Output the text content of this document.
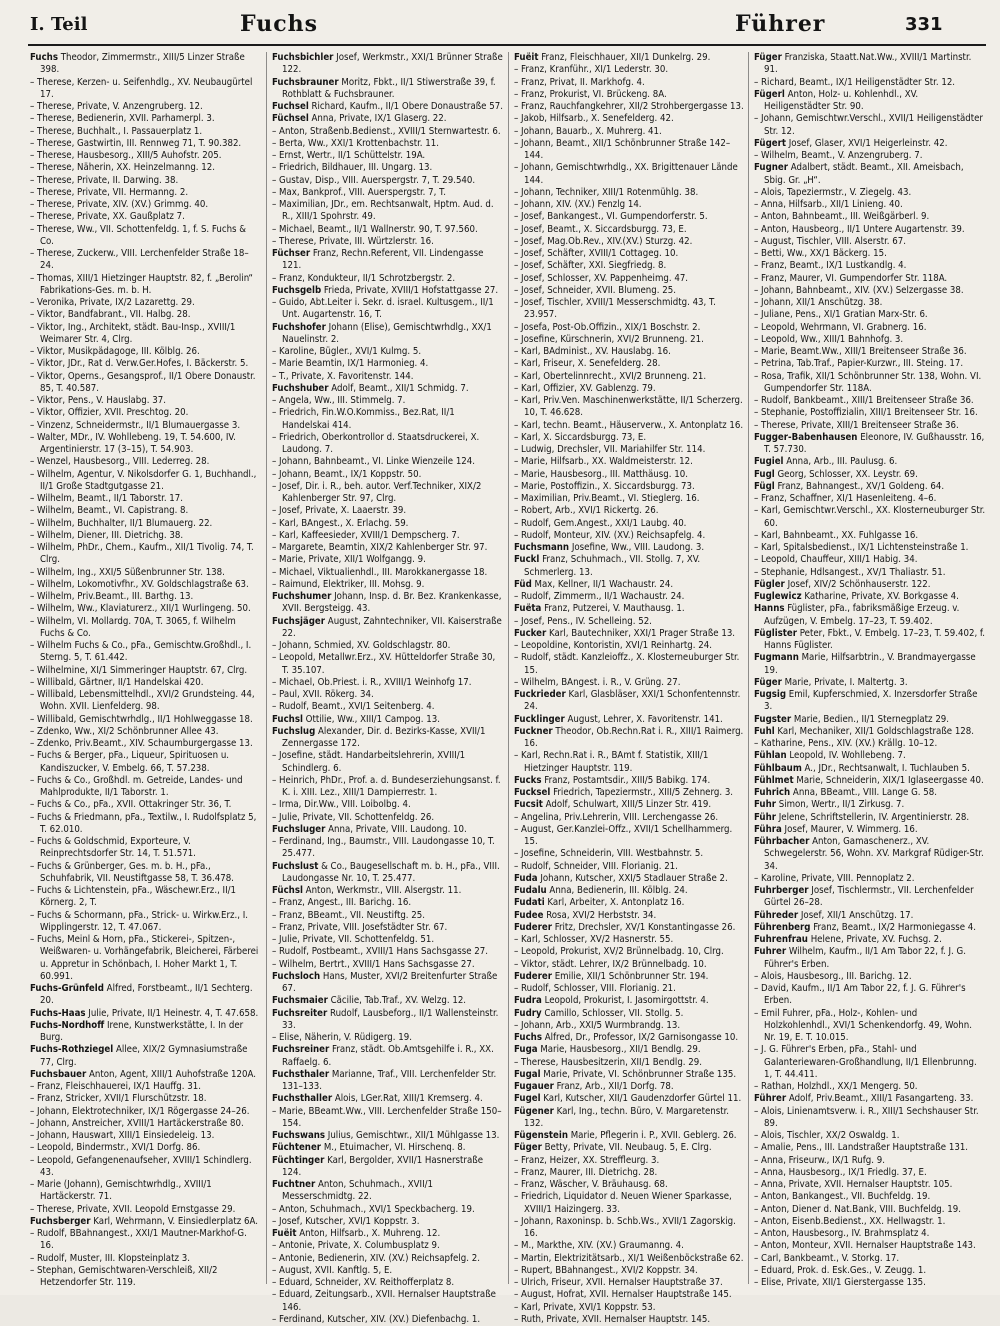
I. Teil	Fuchs	Führer	331

Fuchs Theodor, Zimmermstr., XIII/5 Linzer Straße 398.

– Therese, Kerzen- u. Seifenhdlg., XV. Neubaugürtel 17.

– Therese, Private, V. Anzengruberg. 12.

– Therese, Bedienerin, XVII. Parhamerpl. 3.

– Therese, Buchhalt., I. Passauerplatz 1.

– Therese, Gastwirtin, III. Rennweg 71, T. 90.382.

– Therese, Hausbesorg., XIII/5 Auhofstr. 205.

– Therese, Näherin, XX. Heinzelmanng. 12.

– Therese, Private, II. Darwing. 38.

– Therese, Private, VII. Hermanng. 2.

– Therese, Private, XIV. (XV.) Grimmg. 40.

– Therese, Private, XX. Gaußplatz 7.

– Therese, Ww., VII. Schottenfeldg. 1, f. S. Fuchs & Co.

– Therese, Zuckerw., VIII. Lerchenfelder Straße 18–24.

– Thomas, XIII/1 Hietzinger Hauptstr. 82, f. „Berolin“ Fabrikations-Ges. m. b. H.

– Veronika, Private, IX/2 Lazarettg. 29.

– Viktor, Bandfabrant., VII. Halbg. 28.

– Viktor, Ing., Architekt, städt. Bau-Insp., XVIII/1 Weimarer Str. 4, Clrg.

– Viktor, Musikpädagoge, III. Kölblg. 26.

– Viktor, JDr., Rat d. Verw.Ger.Hofes, I. Bäckerstr. 5.

– Viktor, Operns., Gesangsprof., II/1 Obere Donaustr. 85, T. 40.587.

– Viktor, Pens., V. Hauslabg. 37.

– Viktor, Offizier, XVII. Preschtog. 20.

– Vinzenz, Schneidermstr., II/1 Blumauergasse 3.

– Walter, MDr., IV. Wohllebeng. 19, T. 54.600, IV. Argentinierstr. 17 (3–15), T. 54.903.

– Wenzel, Hausbesorg., VIII. Lederreg. 28.

– Wilhelm, Agentur, V. Nikolsdorfer G. 1, Buchhandl., II/1 Große Stadtgutgasse 21.

– Wilhelm, Beamt., II/1 Taborstr. 17.

– Wilhelm, Beamt., VI. Capistrang. 8.

– Wilhelm, Buchhalter, II/1 Blumauerg. 22.

– Wilhelm, Diener, III. Dietrichg. 38.

– Wilhelm, PhDr., Chem., Kaufm., XII/1 Tivolig. 74, T. Clrg.

– Wilhelm, Ing., XXI/5 Süßenbrunner Str. 138.

– Wilhelm, Lokomotivfhr., XV. Goldschlagstraße 63.

– Wilhelm, Priv.Beamt., III. Barthg. 13.

– Wilhelm, Ww., Klaviaturerz., XII/1 Wurlingeng. 50.

– Wilhelm, VI. Mollardg. 70A, T. 3065, f. Wilhelm Fuchs & Co.

– Wilhelm Fuchs & Co., pFa., Gemischtw.Großhdl., I. Sterng. 5, T. 61.442.

– Wilhelmine, XI/1 Simmeringer Hauptstr. 67, Clrg.

– Willibald, Gärtner, II/1 Handelskai 420.

– Willibald, Lebensmittelhdl., XVI/2 Grundsteing. 44, Wohn. XVII. Lienfelderg. 98.

– Willibald, Gemischtwrhdlg., II/1 Hohlweggasse 18.

– Zdenko, Ww., XI/2 Schönbrunner Allee 43.

– Zdenko, Priv.Beamt., XIV. Schaumburgergasse 13.

– Fuchs & Berger, pFa., Liqueur, Spirituosen u. Kandiszucker, V. Embelg. 66, T. 57.238.

– Fuchs & Co., Großhdl. m. Getreide, Landes- und Mahlprodukte, II/1 Taborstr. 1.

– Fuchs & Co., pFa., XVII. Ottakringer Str. 36, T.

– Fuchs & Friedmann, pFa., Textilw., I. Rudolfsplatz 5, T. 62.010.

– Fuchs & Goldschmid, Exporteure, V. Reinprechtsdorfer Str. 14, T. 51.571.

– Fuchs & Grünberger, Ges. m. b. H., pFa., Schuhfabrik, VII. Neustiftgasse 58, T. 36.478.

– Fuchs & Lichtenstein, pFa., Wäschewr.Erz., II/1 Körnerg. 2, T.

– Fuchs & Schormann, pFa., Strick- u. Wirkw.Erz., I. Wipplingerstr. 12, T. 47.067.

– Fuchs, Meinl & Horn, pFa., Stickerei-, Spitzen-, Weißwaren- u. Vorhängefabrik, Bleicherei, Färberei u. Appretur in Schönbach, I. Hoher Markt 1, T. 60.991.

Fuchs-Grünfeld Alfred, Forstbeamt., II/1 Sechterg. 20.

Fuchs-Haas Julie, Private, II/1 Heinestr. 4, T. 47.658.

Fuchs-Nordhoff Irene, Kunstwerkstätte, I. In der Burg.

Fuchs-Rothziegel Allee, XIX/2 Gymnasiumstraße 77, Clrg.

Fuchsbauer Anton, Agent, XIII/1 Auhofstraße 120A.

– Franz, Fleischhauerei, IX/1 Hauffg. 31.

– Franz, Stricker, XVII/1 Flurschützstr. 18.

– Johann, Elektrotechniker, IX/1 Rögergasse 24–26.

– Johann, Anstreicher, XVIII/1 Hartäckerstraße 80.

– Johann, Hauswart, XIII/1 Einsiedeleig. 13.

– Leopold, Bindermstr., XVI/1 Dorfg. 86.

– Leopold, Gefangenenaufseher, XVIII/1 Schindlerg. 43.

– Marie (Johann), Gemischtwrhdlg., XVIII/1 Hartäckerstr. 71.

– Therese, Private, XVII. Leopold Ernstgasse 29.

Fuchsberger Karl, Wehrmann, V. Einsiedlerplatz 6A.

– Rudolf, BBahnangest., XXI/1 Mautner-Markhof-G. 16.

– Rudolf, Muster, III. Klopsteinplatz 3.

– Stephan, Gemischtwaren-Verschleiß, XII/2 Hetzendorfer Str. 119.

Fuchsbichler Josef, Werkmstr., XXI/1 Brünner Straße 122.

Fuchsbrauner Moritz, Fbkt., II/1 Stiwerstraße 39, f. Rothblatt & Fuchsbrauner.

Fuchsel Richard, Kaufm., II/1 Obere Donaustraße 57.

Füchsel Anna, Private, IX/1 Glaserg. 22.

– Anton, Straßenb.Bedienst., XVIII/1 Sternwartestr. 6.

– Berta, Ww., XXI/1 Krottenbachstr. 11.

– Ernst, Wertr., II/1 Schüttelstr. 19A.

– Friedrich, Bildhauer, III. Ungarg. 13.

– Gustav, Disp., VIII. Auerspergstr. 7, T. 29.540.

– Max, Bankprof., VIII. Auerspergstr. 7, T.

– Maximilian, JDr., em. Rechtsanwalt, Hptm. Aud. d. R., XIII/1 Spohrstr. 49.

– Michael, Beamt., II/1 Wallnerstr. 90, T. 97.560.

– Therese, Private, III. Würtzlerstr. 16.

Füchser Franz, Rechn.Referent, VII. Lindengasse 121.

– Franz, Kondukteur, II/1 Schrotzbergstr. 2.

Fuchsgelb Frieda, Private, XVIII/1 Hofstattgasse 27.

– Guido, Abt.Leiter i. Sekr. d. israel. Kultusgem., II/1 Unt. Augartenstr. 16, T.

Fuchshofer Johann (Elise), Gemischtwrhdlg., XX/1 Nauelinstr. 2.

– Karoline, Bügler., XVI/1 Kulmg. 5.

– Marie Beamtin, IX/1 Harmonieg. 4.

– T., Private, X. Favoritenstr. 144.

Fuchshuber Adolf, Beamt., XII/1 Schmidg. 7.

– Angela, Ww., III. Stimmelg. 7.

– Friedrich, Fin.W.O.Kommiss., Bez.Rat, II/1 Handelskai 414.

– Friedrich, Oberkontrollor d. Staatsdruckerei, X. Laudong. 7.

– Johann, Bahnbeamt., VI. Linke Wienzeile 124.

– Johann, Beamt., IX/1 Koppstr. 50.

– Josef, Dir. i. R., beh. autor. Verf.Techniker, XIX/2 Kahlenberger Str. 97, Clrg.

– Josef, Private, X. Laaerstr. 39.

– Karl, BAngest., X. Erlachg. 59.

– Karl, Kaffeesieder, XVIII/1 Dempscherg. 7.

– Margarete, Beamtin, XIX/2 Kahlenberger Str. 97.

– Marie, Private, XII/1 Wolfgangg. 9.

– Michael, Viktualienhdl., III. Marokkanergasse 18.

– Raimund, Elektriker, III. Mohsg. 9.

Fuchshumer Johann, Insp. d. Br. Bez. Krankenkasse, XVII. Bergsteigg. 43.

Fuchsjäger August, Zahntechniker, VII. Kaiserstraße 22.

– Johann, Schmied, XV. Goldschlagstr. 80.

– Leopold, Metallwr.Erz., XV. Hütteldorfer Straße 30, T. 35.107.

– Michael, Ob.Priest. i. R., XVIII/1 Weinhofg 17.

– Paul, XVII. Rökerg. 34.

– Rudolf, Beamt., XVI/1 Seitenberg. 4.

Fuchsl Ottilie, Ww., XIII/1 Campog. 13.

Fuchslug Alexander, Dir. d. Bezirks-Kasse, XVII/1 Zennergasse 172.

– Josefine, städt. Handarbeitslehrerin, XVIII/1 Schindlerg. 6.

– Heinrich, PhDr., Prof. a. d. Bundeserziehungsanst. f. K. i. XIII. Lez., XIII/1 Dampierrestr. 1.

– Irma, Dir.Ww., VIII. Loibolbg. 4.

– Julie, Private, VII. Schottenfeldg. 26.

Fuchsluger Anna, Private, VIII. Laudong. 10.

– Ferdinand, Ing., Baumstr., VIII. Laudongasse 10, T. 25.477.

Fuchslust & Co., Baugesellschaft m. b. H., pFa., VIII. Laudongasse Nr. 10, T. 25.477.

Füchsl Anton, Werkmstr., VIII. Alsergstr. 11.

– Franz, Angest., III. Barichg. 16.

– Franz, BBeamt., VII. Neustiftg. 25.

– Franz, Private, VIII. Josefstädter Str. 67.

– Julie, Private, VII. Schottenfeldg. 51.

– Rudolf, Postbeamt., XVIII/1 Hans Sachsgasse 27.

– Wilhelm, Bertrt., XVIII/1 Hans Sachsgasse 27.

Fuchsloch Hans, Muster, XVI/2 Breitenfurter Straße 67.

Fuchsmaier Cäcilie, Tab.Traf., XV. Welzg. 12.

Fuchsreiter Rudolf, Lausbeforg., II/1 Wallensteinstr. 33.

– Elise, Näherin, V. Rüdigerg. 19.

Fuchsreiner Franz, städt. Ob.Amtsgehilfe i. R., XX. Raffaelg. 6.

Fuchsthaler Marianne, Traf., VIII. Lerchenfelder Str. 131–133.

Fuchsthaller Alois, LGer.Rat, XIII/1 Kremserg. 4.

– Marie, BBeamt.Ww., VIII. Lerchenfelder Straße 150–154.

Fuchswans Julius, Gemischtwr., XII/1 Mühlgasse 13.

Füchtener M., Etuimacher, VI. Hirschenq. 8.

Füchtinger Karl, Bergolder, XVII/1 Hasnerstraße 124.

Fuchtner Anton, Schuhmach., XVII/1 Messerschmidtg. 22.

– Anton, Schuhmach., XVI/1 Speckbacherg. 19.

– Josef, Kutscher, XVI/1 Koppstr. 3.

Fuëit Anton, Hilfsarb., X. Muhreng. 12.

– Antonie, Private, X. Columbusplatz 9.

– Antonie, Bedienerin, XIV. (XV.) Reichsapfelg. 2.

– August, XVII. Kanftlg. 5, E.

– Eduard, Schneider, XV. Reithofferplatz 8.

– Eduard, Zeitungsarb., XVII. Hernalser Hauptstraße 146.

– Ferdinand, Kutscher, XIV. (XV.) Diefenbachg. 1.

Fuëit Franz, Fleischhauer, XII/1 Dunkelrg. 29.

– Franz, Kranführ., XI/1 Lederstr. 30.

– Franz, Privat, II. Markhofg. 4.

– Franz, Prokurist, VI. Brückeng. 8A.

– Franz, Rauchfangkehrer, XII/2 Strohbergergasse 13.

– Jakob, Hilfsarb., X. Senefelderg. 42.

– Johann, Bauarb., X. Muhrerg. 41.

– Johann, Beamt., XII/1 Schönbrunner Straße 142–144.

– Johann, Gemischtwrhdlg., XX. Brigittenauer Lände 144.

– Johann, Techniker, XIII/1 Rotenmühlg. 38.

– Johann, XIV. (XV.) Fenzlg 14.

– Josef, Bankangest., VI. Gumpendorferstr. 5.

– Josef, Beamt., X. Siccardsburgg. 73, E.

– Josef, Mag.Ob.Rev., XIV.(XV.) Sturzg. 42.

– Josef, Schäfter, XVIII/1 Cottageg. 10.

– Josef, Schäfter, XXI. Siegfriedg. 8.

– Josef, Schlosser, XV. Pappenheimg. 47.

– Josef, Schneider, XVII. Blumeng. 25.

– Josef, Tischler, XVIII/1 Messerschmidtg. 43, T. 23.957.

– Josefa, Post-Ob.Offizin., XIX/1 Boschstr. 2.

– Josefine, Kürschnerin, XVI/2 Brunneng. 21.

– Karl, BAdminist., XV. Hauslabg. 16.

– Karl, Friseur, X. Senefelderg. 28.

– Karl, Obertelinnrecht., XVI/2 Brunneng. 21.

– Karl, Offizier, XV. Gablenzg. 79.

– Karl, Priv.Ven. Maschinenwerkstätte, II/1 Scherzerg. 10, T. 46.628.

– Karl, techn. Beamt., Häuserverw., X. Antonplatz 16.

– Karl, X. Siccardsburgg. 73, E.

– Ludwig, Drechsler, VII. Mariahilfer Str. 114.

– Marie, Hilfsarb., XX. Waldmeisterstr. 12.

– Marie, Hausbesorg., III. Matthäusg. 10.

– Marie, Postoffizin., X. Siccardsburgg. 73.

– Maximilian, Priv.Beamt., VI. Stieglerg. 16.

– Robert, Arb., XVI/1 Rickertg. 26.

– Rudolf, Gem.Angest., XXI/1 Laubg. 40.

– Rudolf, Monteur, XIV. (XV.) Reichsapfelg. 4.

Fuchsmann Josefine, Ww., VIII. Laudong. 3.

Fuckl Franz, Schuhmach., VII. Stollg. 7, XV. Schmerlerg. 13.

Füd Max, Kellner, II/1 Wachaustr. 24.

– Rudolf, Zimmerm., II/1 Wachaustr. 24.

Fuëta Franz, Putzerei, V. Mauthausg. 1.

– Josef, Pens., IV. Schelleing. 52.

Fucker Karl, Bautechniker, XXI/1 Prager Straße 13.

– Leopoldine, Kontoristin, XVI/1 Reinhartg. 24.

– Rudolf, städt. Kanzleioffz., X. Klosterneuburger Str. 15.

– Wilhelm, BAngest. i. R., V. Grüng. 27.

Fuckrieder Karl, Glasbläser, XXI/1 Schonfentennstr. 24.

Fucklinger August, Lehrer, X. Favoritenstr. 141.

Fuckner Theodor, Ob.Rechn.Rat i. R., XIII/1 Raimerg. 16.

– Karl, Rechn.Rat i. R., BAmt f. Statistik, XIII/1 Hietzinger Hauptstr. 119.

Fucks Franz, Postamtsdir., XIII/5 Babikg. 174.

Fucksel Friedrich, Tapeziermstr., XIII/5 Zehnerg. 3.

Fucsit Adolf, Schulwart, XIII/5 Linzer Str. 419.

– Angelina, Priv.Lehrerin, VIII. Lerchengasse 26.

– August, Ger.Kanzlei-Offz., XVII/1 Schellhammerg. 15.

– Josefine, Schneiderin, VIII. Westbahnstr. 5.

– Rudolf, Schneider, VIII. Florianig. 21.

Fuda Johann, Kutscher, XXI/5 Stadlauer Straße 2.

Fudalu Anna, Bedienerin, III. Kölblg. 24.

Fudati Karl, Arbeiter, X. Antonplatz 16.

Fudee Rosa, XVI/2 Herbststr. 34.

Fuderer Fritz, Drechsler, XV/1 Konstantingasse 26.

– Karl, Schlosser, XV/2 Hasnerstr. 55.

– Leopold, Prokurist, XV/2 Brünnelbadg. 10, Clrg.

– Viktor, städt. Lehrer, IX/2 Brünnelbadg. 10.

Fuderer Emilie, XII/1 Schönbrunner Str. 194.

– Rudolf, Schlosser, VIII. Florianig. 21.

Fudra Leopold, Prokurist, I. Jasomirgottstr. 4.

Fudry Camillo, Schlosser, VII. Stollg. 5.

– Johann, Arb., XXI/5 Wurmbrandg. 13.

Fuchs Alfred, Dr., Professor, IX/2 Garnisongasse 10.

Fuga Marie, Hausbesorg., XII/1 Bendlg. 29.

– Therese, Hausbesitzerin, XII/1 Bendlg. 29.

Fugal Marie, Private, VI. Schönbrunner Straße 135.

Fugauer Franz, Arb., XII/1 Dorfg. 78.

Fugel Karl, Kutscher, XII/1 Gaudenzdorfer Gürtel 11.

Fügener Karl, Ing., techn. Büro, V. Margaretenstr. 132.

Fügenstein Marie, Pflegerin i. P., XVII. Geblerg. 26.

Füger Betty, Private, VII. Neubaug. 5, E. Clrg.

– Franz, Heizer, XX. Streffleurg. 3.

– Franz, Maurer, III. Dietrichg. 28.

– Franz, Wäscher, V. Bräuhausg. 68.

– Friedrich, Liquidator d. Neuen Wiener Sparkasse, XVIII/1 Haizingerg. 33.

– Johann, Raxoninsp. b. Schb.Ws., XVII/1 Zagorskig. 16.

– M., Markthe, XIV. (XV.) Graumanng. 4.

– Martin, Elektrizitätsarb., XI/1 Weißenböckstraße 62.

– Rupert, BBahnangest., XVI/2 Koppstr. 34.

– Ulrich, Friseur, XVII. Hernalser Hauptstraße 37.

– August, Hofrat, XVII. Hernalser Hauptstraße 145.

– Karl, Private, XVI/1 Koppstr. 53.

– Ruth, Private, XVII. Hernalser Hauptstr. 145.

Füger Franziska, Staatt.Nat.Ww., XVIII/1 Martinstr. 91.

– Richard, Beamt., IX/1 Heiligenstädter Str. 12.

Fügerl Anton, Holz- u. Kohlenhdl., XV. Heiligenstädter Str. 90.

– Johann, Gemischtwr.Verschl., XVII/1 Heiligenstädter Str. 12.

Fügert Josef, Glaser, XVI/1 Heigerleinstr. 42.

– Wilhelm, Beamt., V. Anzengruberg. 7.

Fugner Adalbert, städt. Beamt., XII. Ameisbach, Sbig. Gr. „H“.

– Alois, Tapeziermstr., V. Ziegelg. 43.

– Anna, Hilfsarb., XII/1 Linieng. 40.

– Anton, Bahnbeamt., III. Weißgärberl. 9.

– Anton, Hausbeorg., II/1 Untere Augartenstr. 39.

– August, Tischler, VIII. Alserstr. 67.

– Betti, Ww., XX/1 Bäckerg. 15.

– Franz, Beamt., IX/1 Lustkandlg. 4.

– Franz, Maurer, VI. Gumpendorfer Str. 118A.

– Johann, Bahnbeamt., XIV. (XV.) Selzergasse 38.

– Johann, XII/1 Anschützg. 38.

– Juliane, Pens., XI/1 Gratian Marx-Str. 6.

– Leopold, Wehrmann, VI. Grabnerg. 16.

– Leopold, Ww., XIII/1 Bahnhofg. 3.

– Marie, Beamt.Ww., XIII/1 Breitenseer Straße 36.

– Petrina, Tab.Traf., Papier-Kurzwr., III. Steing. 17.

– Rosa, Trafik, XII/1 Schönbrunner Str. 138, Wohn. VI. Gumpendorfer Str. 118A.

– Rudolf, Bankbeamt., XIII/1 Breitenseer Straße 36.

– Stephanie, Postoffizialin, XIII/1 Breitenseer Str. 16.

– Therese, Private, XIII/1 Breitenseer Straße 36.

Fugger-Babenhausen Eleonore, IV. Gußhausstr. 16, T. 57.730.

Fugiel Anna, Arb., III. Paulusg. 6.

Fugl Georg, Schlosser, XX. Leystr. 69.

Fügl Franz, Bahnangest., XV/1 Goldeng. 64.

– Franz, Schaffner, XI/1 Hasenleiteng. 4–6.

– Karl, Gemischtwr.Verschl., XX. Klosterneuburger Str. 60.

– Karl, Bahnbeamt., XX. Fuhlgasse 16.

– Karl, Spitalsbedienst., IX/1 Lichtensteinstraße 1.

– Leopold, Chauffeur, XIII/1 Habig. 34.

– Stephanie, Hdlsangest., XV/1 Thaliastr. 51.

Fügler Josef, XIV/2 Schönhauserstr. 122.

Fuglewicz Katharine, Private, XV. Borkgasse 4.

Hanns Füglister, pFa., fabriksmäßige Erzeug. v. Aufzügen, V. Embelg. 17–23, T. 59.402.

Füglister Peter, Fbkt., V. Embelg. 17–23, T. 59.402, f. Hanns Füglister.

Fugmann Marie, Hilfsarbtrin., V. Brandmayergasse 19.

Füger Marie, Private, I. Maltertg. 3.

Fugsig Emil, Kupferschmied, X. Inzersdorfer Straße 3.

Fugster Marie, Bedien., II/1 Sternegplatz 29.

Fuhl Karl, Mechaniker, XII/1 Goldschlagstraße 128.

– Katharine, Pens., XIV. (XV.) Krällg. 10–12.

Fühlan Leopold, IV. Wohllebeng. 7.

Fühlbaum A., JDr., Rechtsanwalt, I. Tuchlauben 5.

Fühlmet Marie, Schneiderin, XIX/1 Iglaseergasse 40.

Fuhrich Anna, BBeamt., VIII. Lange G. 58.

Fuhr Simon, Wertr., II/1 Zirkusg. 7.

Führ Jelene, Schriftstellerin, IV. Argentinierstr. 28.

Führa Josef, Maurer, V. Wimmerg. 16.

Führbacher Anton, Gamaschenerz., XV. Schwegelerstr. 56, Wohn. XV. Markgraf Rüdiger-Str. 34.

– Karoline, Private, VIII. Pennoplatz 2.

Fuhrberger Josef, Tischlermstr., VII. Lerchenfelder Gürtel 26–28.

Führeder Josef, XII/1 Anschützg. 17.

Führenberg Franz, Beamt., IX/2 Harmoniegasse 4.

Fuhrenfrau Helene, Private, XV. Fuchsg. 2.

Fuhrer Wilhelm, Kaufm., II/1 Am Tabor 22, f. J. G. Führer's Erben.

– Alois, Hausbesorg., III. Barichg. 12.

– David, Kaufm., II/1 Am Tabor 22, f. J. G. Führer's Erben.

– Emil Fuhrer, pFa., Holz-, Kohlen- und Holzkohlenhdl., XVI/1 Schenkendorfg. 49, Wohn. Nr. 19, E. T. 10.015.

– J. G. Führer's Erben, pFa., Stahl- und Galanteriewaren-Großhandlung, II/1 Ellenbrunng. 1, T. 44.411.

– Rathan, Holzhdl., XX/1 Mengerg. 50.

Führer Adolf, Priv.Beamt., XIII/1 Fasangarteng. 33.

– Alois, Linienamtsverw. i. R., XIII/1 Sechshauser Str. 89.

– Alois, Tischler, XX/2 Oswaldg. 1.

– Amalie, Pens., III. Landstraßer Hauptstraße 131.

– Anna, Friseurw., IX/1 Rufg. 9.

– Anna, Hausbesorg., IX/1 Friedlg. 37, E.

– Anna, Private, XVII. Hernalser Hauptstr. 105.

– Anton, Bankangest., VII. Buchfeldg. 19.

– Anton, Diener d. Nat.Bank, VIII. Buchfeldg. 19.

– Anton, Eisenb.Bedienst., XX. Hellwagstr. 1.

– Anton, Hausbesorg., IV. Brahmsplatz 4.

– Anton, Monteur, XVII. Hernalser Hauptstraße 143.

– Carl, Bankbeamt., V. Storkg. 17.

– Eduard, Prok. d. Esk.Ges., V. Zeugg. 1.

– Elise, Private, XII/1 Gierstergasse 135.
